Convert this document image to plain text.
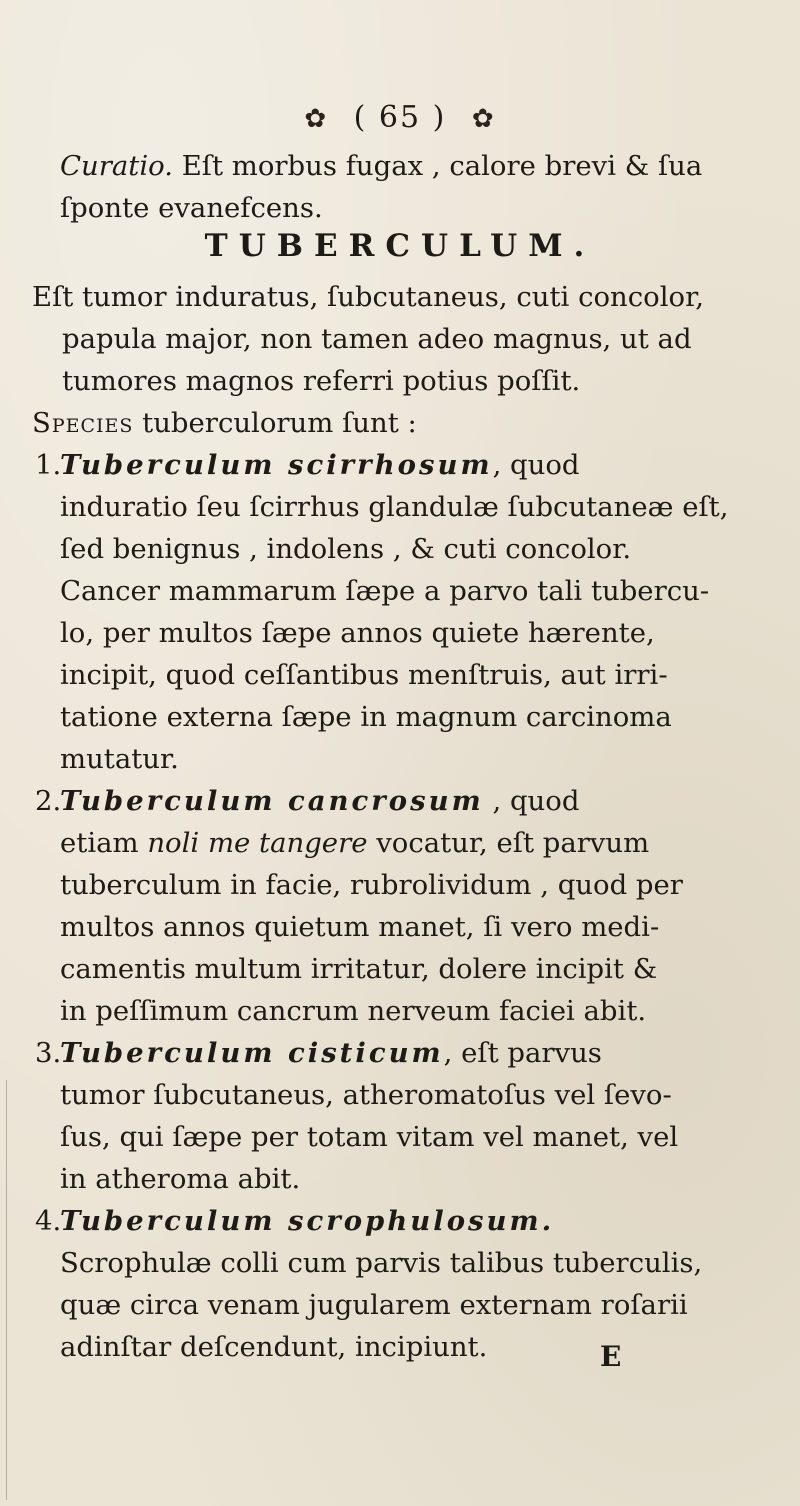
✿ ( 65 ) ✿
Curatio. Eſt morbus fugax , calore brevi & ſua
ſponte evanefcens.
TUBERCULUM.
Eſt tumor induratus, ſubcutaneus, cuti concolor,
papula major, non tamen adeo magnus, ut ad
tumores magnos referri potius poſſit.
Species tuberculorum ſunt :
1.
Tuberculum scirrhosum, quod
induratio ſeu ſcirrhus glandulæ ſubcutaneæ eſt,
ſed benignus , indolens , & cuti concolor.
Cancer mammarum ſæpe a parvo tali tubercu-
lo, per multos ſæpe annos quiete hærente,
incipit, quod ceſſantibus menſtruis, aut irri-
tatione externa ſæpe in magnum carcinoma
mutatur.
2.
Tuberculum cancrosum , quod
etiam noli me tangere vocatur, eſt parvum
tuberculum in facie, rubrolividum , quod per
multos annos quietum manet, ſi vero medi-
camentis multum irritatur, dolere incipit &
in peſſimum cancrum nerveum faciei abit.
3.
Tuberculum cisticum, eſt parvus
tumor ſubcutaneus, atheromatoſus vel ſevo-
ſus, qui ſæpe per totam vitam vel manet, vel
in atheroma abit.
4.
Tuberculum scrophulosum.
Scrophulæ colli cum parvis talibus tuberculis,
quæ circa venam jugularem externam roſarii
adinſtar deſcendunt, incipiunt.	E
